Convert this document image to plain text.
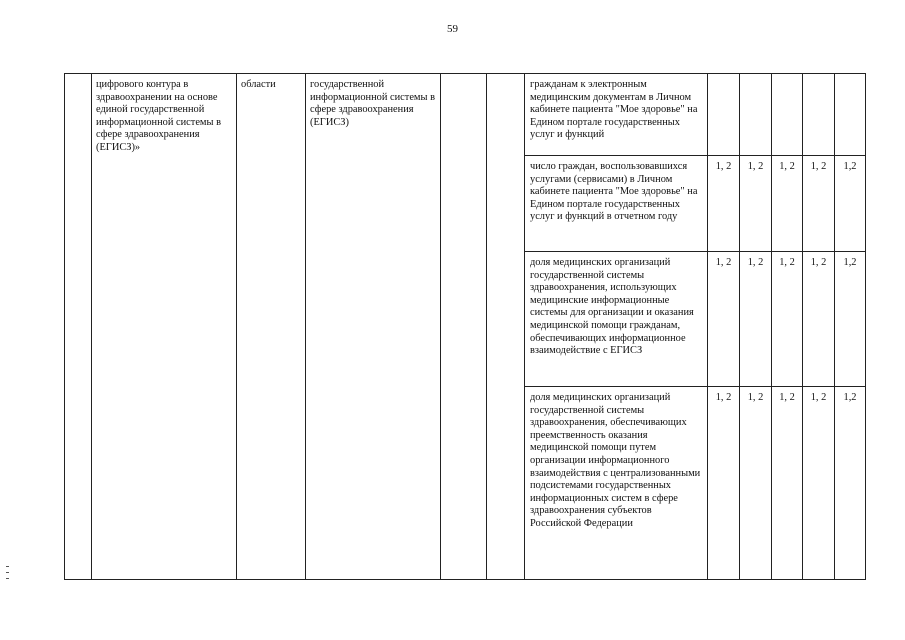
59
	цифрового контура в здравоохранении на основе единой государственной информационной системы в сфере здравоохранения (ЕГИСЗ)»	области	государственной информационной системы в сфере здравоохранения (ЕГИСЗ)			гражданам к электронным медицинским документам в Личном кабинете пациента "Мое здоровье" на Едином портале государственных услуг и функций					
						число граждан, воспользовавшихся услугами (сервисами) в Личном кабинете пациента "Мое здоровье" на Едином портале государственных услуг и функций в отчетном году	1, 2	1, 2	1, 2	1, 2	1,2
						доля медицинских организаций государственной системы здравоохранения, использующих медицинские информационные системы для организации и оказания медицинской помощи гражданам, обеспечивающих информационное взаимодействие с ЕГИСЗ	1, 2	1, 2	1, 2	1, 2	1,2
						доля медицинских организаций государственной системы здравоохранения, обеспечивающих преемственность оказания медицинской помощи путем организации информационного взаимодействия с централизованными подсистемами государственных информационных систем в сфере здравоохранения субъектов Российской Федерации	1, 2	1, 2	1, 2	1, 2	1,2
